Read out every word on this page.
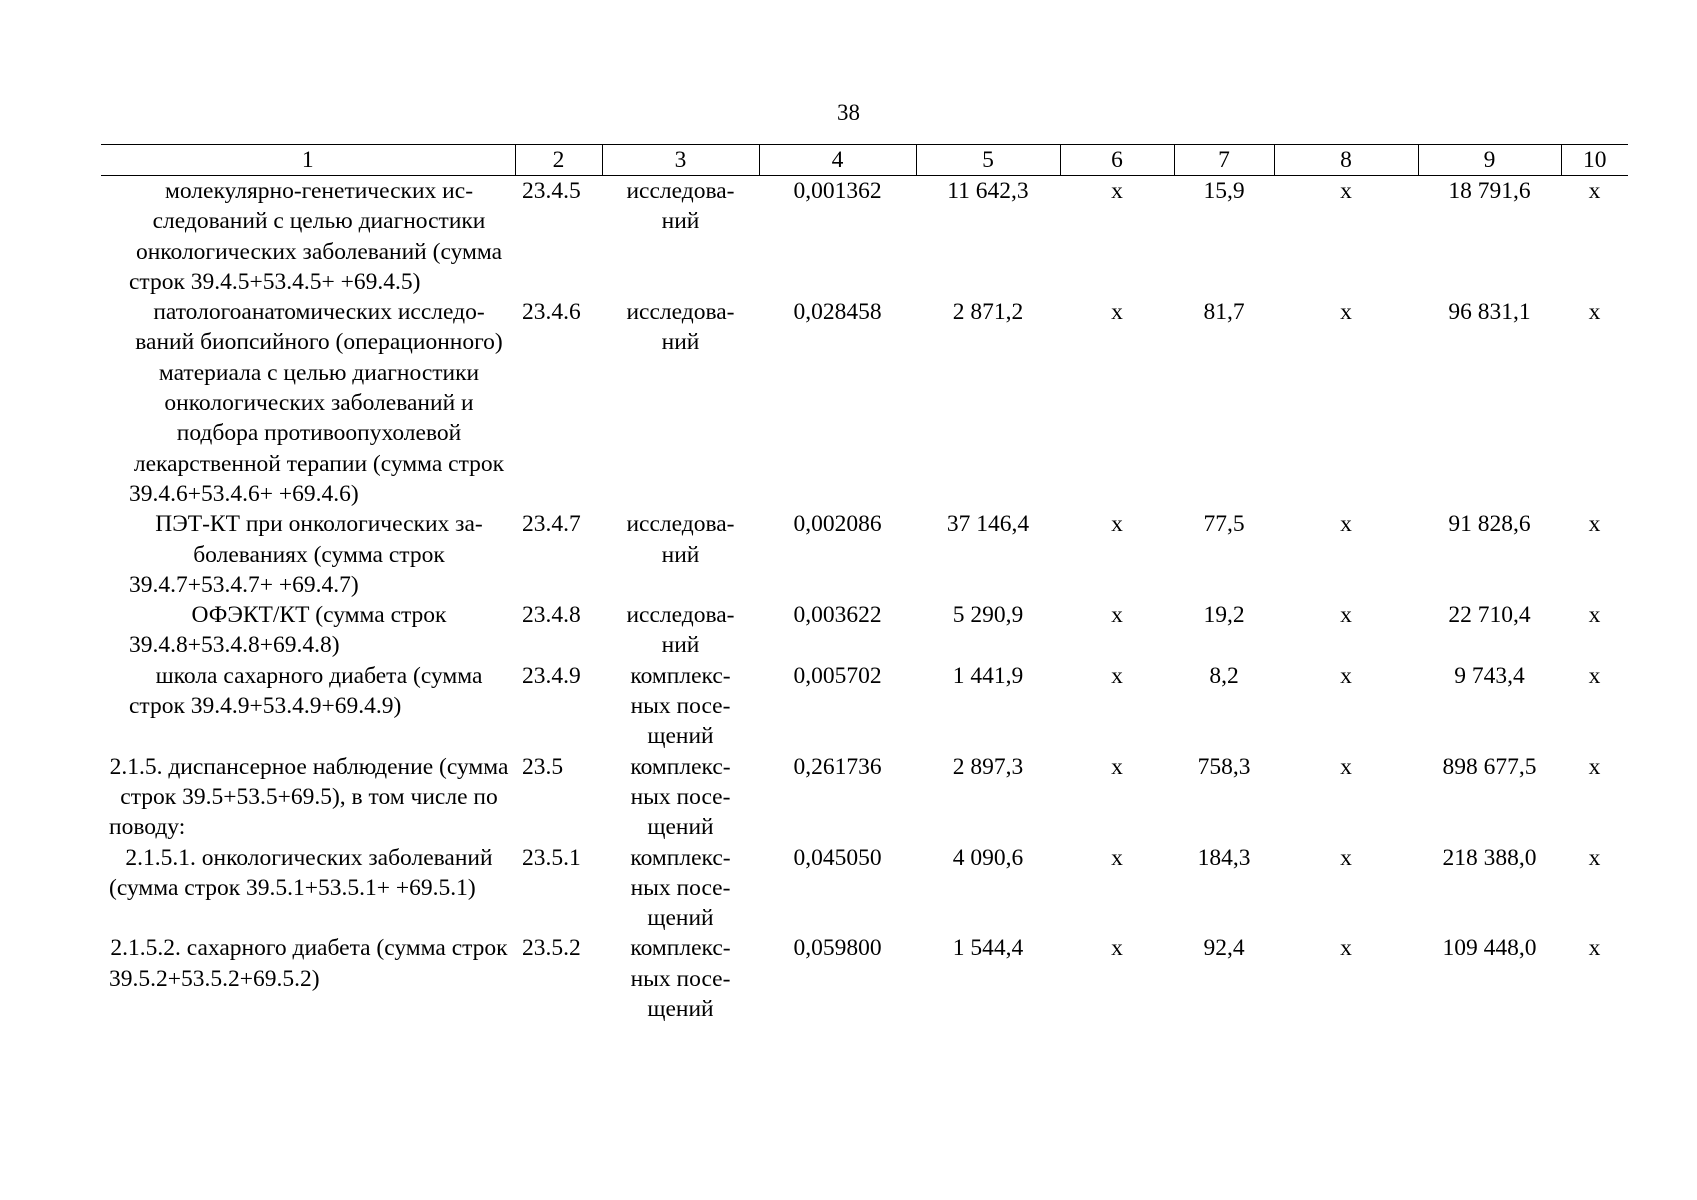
38
1	2	3	4	5	6	7	8	9	10
молекулярно-генетических исследований с целью диагностики онкологических заболеваний (сумма строк 39.4.5+53.4.5+ +69.4.5)	23.4.5	исследова-
ний	0,001362	11 642,3	х	15,9	х	18 791,6	х
патологоанатомических исследований биопсийного (операционного) материала с целью диагностики онкологических заболеваний и подбора противоопухолевой лекарственной терапии (сумма строк 39.4.6+53.4.6+ +69.4.6)	23.4.6	исследова-
ний	0,028458	2 871,2	х	81,7	х	96 831,1	х
ПЭТ-КТ при онкологических заболеваниях (сумма строк 39.4.7+53.4.7+ +69.4.7)	23.4.7	исследова-
ний	0,002086	37 146,4	х	77,5	х	91 828,6	х
ОФЭКТ/КТ (сумма строк 39.4.8+53.4.8+69.4.8)	23.4.8	исследова-
ний	0,003622	5 290,9	х	19,2	х	22 710,4	х
школа сахарного диабета (сумма строк 39.4.9+53.4.9+69.4.9)	23.4.9	комплекс-
ных посе-
щений	0,005702	1 441,9	х	8,2	х	9 743,4	х
2.1.5. диспансерное наблюдение (сумма строк 39.5+53.5+69.5), в том числе по поводу:	23.5	комплекс-
ных посе-
щений	0,261736	2 897,3	х	758,3	х	898 677,5	х
2.1.5.1. онкологических заболеваний (сумма строк 39.5.1+53.5.1+ +69.5.1)	23.5.1	комплекс-
ных посе-
щений	0,045050	4 090,6	х	184,3	х	218 388,0	х
2.1.5.2. сахарного диабета (сумма строк 39.5.2+53.5.2+69.5.2)	23.5.2	комплекс-
ных посе-
щений	0,059800	1 544,4	х	92,4	х	109 448,0	х
